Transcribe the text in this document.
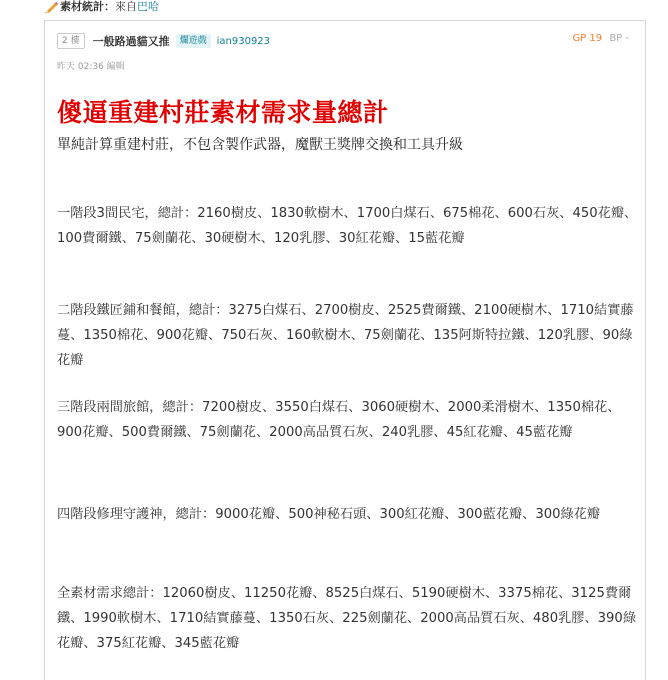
素材統計： 來自 巴哈
2 樓	一般路過貓又推	爛遊戲	ian930923	GP 19 BP -
昨天 02:36 編輯
傻逼重建村莊素材需求量總計
單純計算重建村莊，不包含製作武器，魔獸王獎牌交換和工具升級

一階段3間民宅，總計：2160樹皮、1830軟樹木、1700白煤石、675棉花、600石灰、450花瓣、100費爾鐵、75劍蘭花、30硬樹木、120乳膠、30紅花瓣、15藍花瓣

二階段鐵匠鋪和餐館，總計：3275白煤石、2700樹皮、2525費爾鐵、2100硬樹木、1710結實藤蔓、1350棉花、900花瓣、750石灰、160軟樹木、75劍蘭花、135阿斯特拉鐵、120乳膠、90綠花瓣

三階段兩間旅館，總計：7200樹皮、3550白煤石、3060硬樹木、2000柔滑樹木、1350棉花、900花瓣、500費爾鐵、75劍蘭花、2000高品質石灰、240乳膠、45紅花瓣、45藍花瓣

四階段修理守護神，總計：9000花瓣、500神秘石頭、300紅花瓣、300藍花瓣、300綠花瓣

全素材需求總計：12060樹皮、11250花瓣、8525白煤石、5190硬樹木、3375棉花、3125費爾鐵、1990軟樹木、1710結實藤蔓、1350石灰、225劍蘭花、2000高品質石灰、480乳膠、390綠花瓣、375紅花瓣、345藍花瓣
